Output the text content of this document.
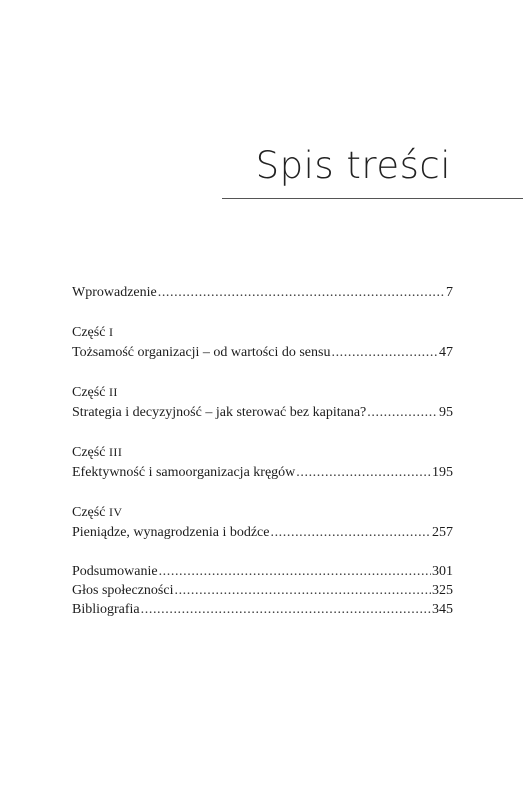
Spis treści
Wprowadzenie .....	7
Część I
Tożsamość organizacji – od wartości do sensu .....	47
Część II
Strategia i decyzyjność – jak sterować bez kapitana? .....	95
Część III
Efektywność i samoorganizacja kręgów .....	195
Część IV
Pieniądze, wynagrodzenia i bodźce .....	257
Podsumowanie .....	301
Głos społeczności .....	325
Bibliografia .....	345
